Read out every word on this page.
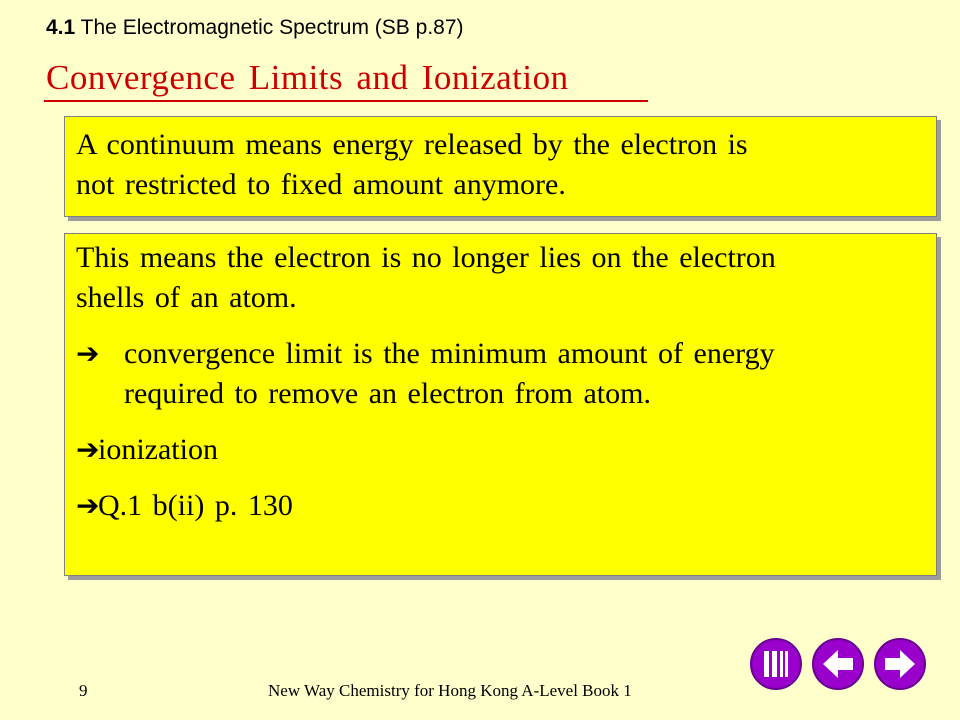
4.1 The Electromagnetic Spectrum (SB p.87)
Convergence Limits and Ionization
A continuum means energy released by the electron is
not restricted to fixed amount anymore.
This means the electron is no longer lies on the electron
shells of an atom.
➔ convergence limit is the minimum amount of energy
required to remove an electron from atom.
➔
ionization
➔
Q.1 b(ii) p. 130
9	New Way Chemistry for Hong Kong A-Level Book 1
